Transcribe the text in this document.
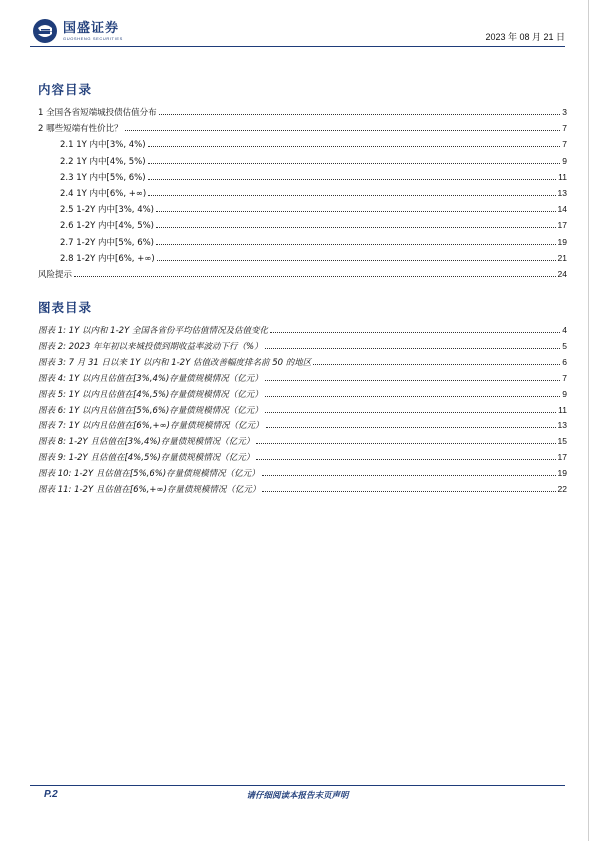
国盛证券
GUOSHENG SECURITIES	2023 年 08 月 21 日
内容目录
1 全国各省短端城投债估值分布	3
2 哪些短端有性价比？	7
2.1 1Y 内中[3%, 4%)	7
2.2 1Y 内中[4%, 5%)	9
2.3 1Y 内中[5%, 6%)	11
2.4 1Y 内中[6%, +∞)	13
2.5 1-2Y 内中[3%, 4%)	14
2.6 1-2Y 内中[4%, 5%)	17
2.7 1-2Y 内中[5%, 6%)	19
2.8 1-2Y 内中[6%, +∞)	21
风险提示	24
图表目录
图表 1: 1Y 以内和 1-2Y 全国各省份平均估值情况及估值变化	4
图表 2: 2023 年年初以来城投债到期收益率波动下行（%）	5
图表 3: 7 月 31 日以来 1Y 以内和 1-2Y 估值改善幅度排名前 50 的地区	6
图表 4: 1Y 以内且估值在[3%,4%)存量债规模情况（亿元）	7
图表 5: 1Y 以内且估值在[4%,5%)存量债规模情况（亿元）	9
图表 6: 1Y 以内且估值在[5%,6%)存量债规模情况（亿元）	11
图表 7: 1Y 以内且估值在[6%,+∞)存量债规模情况（亿元）	13
图表 8: 1-2Y 且估值在[3%,4%)存量债规模情况（亿元）	15
图表 9: 1-2Y 且估值在[4%,5%)存量债规模情况（亿元）	17
图表 10: 1-2Y 且估值在[5%,6%)存量债规模情况（亿元）	19
图表 11: 1-2Y 且估值在[6%,+∞)存量债规模情况（亿元）	22
P.2	请仔细阅读本报告末页声明
